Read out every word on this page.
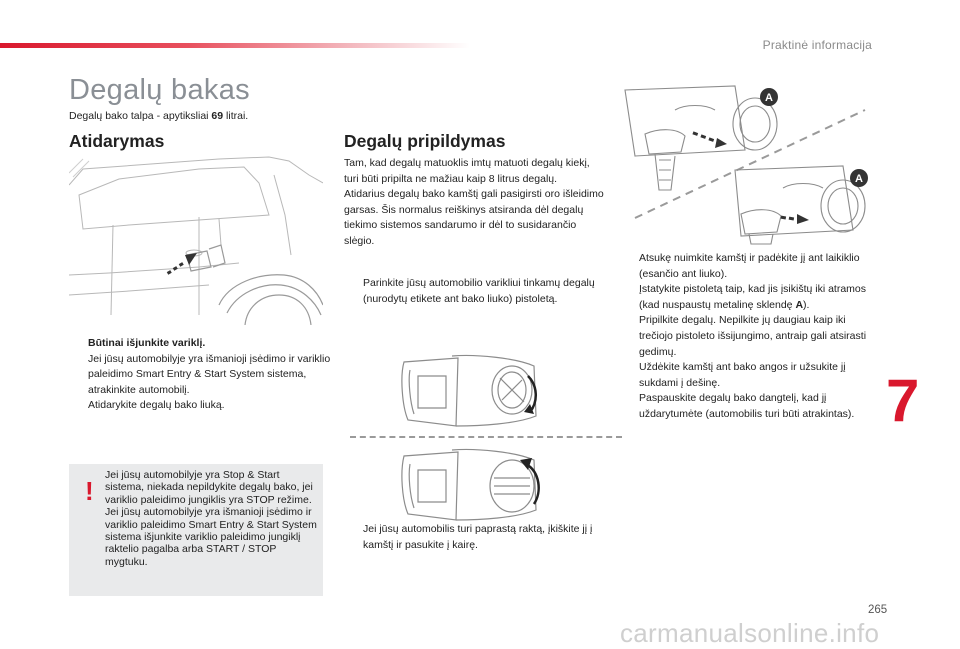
Praktinė informacija
Degalų bakas
Degalų bako talpa - apytiksliai 69 litrai.
Atidarymas	Degalų pripildymas
Būtinai išjunkite variklį.
Jei jūsų automobilyje yra išmanioji įsėdimo ir variklio paleidimo Smart Entry & Start System sistema, atrakinkite automobilį.
Atidarykite degalų bako liuką.
!
Jei jūsų automobilyje yra Stop & Start sistema, niekada nepildykite degalų bako, jei variklio paleidimo jungiklis yra STOP režime. Jei jūsų automobilyje yra išmanioji įsėdimo ir variklio paleidimo Smart Entry & Start System sistema išjunkite variklio paleidimo jungiklį raktelio pagalba arba START / STOP mygtuku.

Tam, kad degalų matuoklis imtų matuoti degalų kiekį, turi būti pripilta ne mažiau kaip 8 litrus degalų.

Atidarius degalų bako kamštį gali pasigirsti oro išleidimo garsas. Šis normalus reiškinys atsiranda dėl degalų tiekimo sistemos sandarumo ir dėl to susidarančio slėgio.

Parinkite jūsų automobilio varikliui tinkamų degalų (nurodytų etikete ant bako liuko) pistoletą.
Jei jūsų automobilis turi paprastą raktą, įkiškite jį į kamštį ir pasukite į kairę.
A
A
Atsukę nuimkite kamštį ir padėkite jį ant laikiklio (esančio ant liuko).
Įstatykite pistoletą taip, kad jis įsikištų iki atramos (kad nuspaustų metalinę sklendę A).
Pripilkite degalų. Nepilkite jų daugiau kaip iki trečiojo pistoleto išsijungimo, antraip gali atsirasti gedimų.
Uždėkite kamštį ant bako angos ir užsukite jį sukdami į dešinę.
Paspauskite degalų bako dangtelį, kad jį uždarytumėte (automobilis turi būti atrakintas). 7
265
carmanualsonline.info
